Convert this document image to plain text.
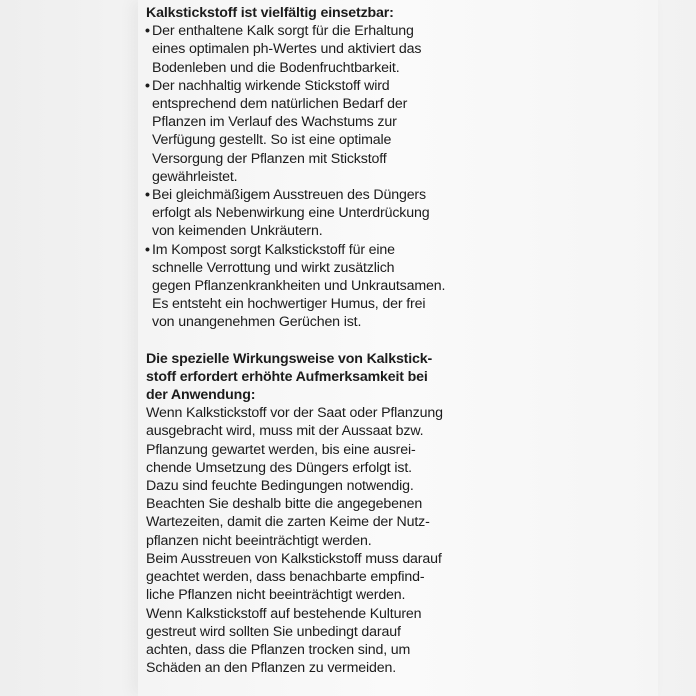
Kalkstickstoff ist vielfältig einsetzbar:

• Der enthaltene Kalk sorgt für die Erhaltung
eines optimalen ph-Wertes und aktiviert das
Bodenleben und die Bodenfruchtbarkeit.
• Der nachhaltig wirkende Stickstoff wird
entsprechend dem natürlichen Bedarf der
Pflanzen im Verlauf des Wachstums zur
Verfügung gestellt. So ist eine optimale
Versorgung der Pflanzen mit Stickstoff
gewährleistet.
• Bei gleichmäßigem Ausstreuen des Düngers
erfolgt als Nebenwirkung eine Unterdrückung
von keimenden Unkräutern.
• Im Kompost sorgt Kalkstickstoff für eine
schnelle Verrottung und wirkt zusätzlich
gegen Pflanzenkrankheiten und Unkrautsamen.
Es entsteht ein hochwertiger Humus, der frei
von unangenehmen Gerüchen ist.

Die spezielle Wirkungsweise von Kalkstick-
stoff erfordert erhöhte Aufmerksamkeit bei
der Anwendung:

Wenn Kalkstickstoff vor der Saat oder Pflanzung
ausgebracht wird, muss mit der Aussaat bzw.
Pflanzung gewartet werden, bis eine ausrei-
chende Umsetzung des Düngers erfolgt ist.
Dazu sind feuchte Bedingungen notwendig.
Beachten Sie deshalb bitte die angegebenen
Wartezeiten, damit die zarten Keime der Nutz-
pflanzen nicht beeinträchtigt werden.
Beim Ausstreuen von Kalkstickstoff muss darauf
geachtet werden, dass benachbarte empfind-
liche Pflanzen nicht beeinträchtigt werden.
Wenn Kalkstickstoff auf bestehende Kulturen
gestreut wird sollten Sie unbedingt darauf
achten, dass die Pflanzen trocken sind, um
Schäden an den Pflanzen zu vermeiden.
